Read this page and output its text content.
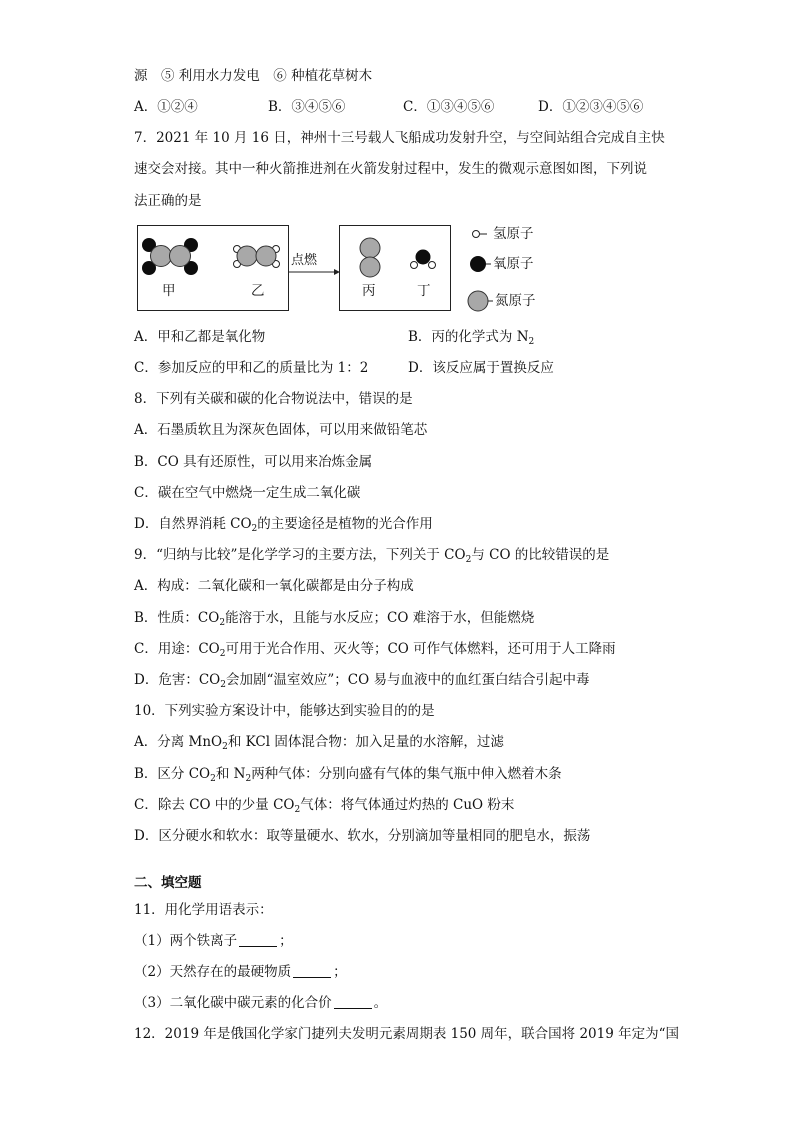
源　⑤ 利用水力发电　⑥ 种植花草树木
A．①②④	B．③④⑤⑥	C．①③④⑤⑥	D．①②③④⑤⑥
7．2021 年 10 月 16 日，神州十三号载人飞船成功发射升空，与空间站组合完成自主快
速交会对接。其中一种火箭推进剂在火箭发射过程中，发生的微观示意图如图，下列说
法正确的是
甲	乙
点燃
丙	丁
氢原子
氧原子
氮原子
A．甲和乙都是氧化物	B．丙的化学式为 $N_2$
C．参加反应的甲和乙的质量比为 1：2	D．该反应属于置换反应
8．下列有关碳和碳的化合物说法中，错误的是
A．石墨质软且为深灰色固体，可以用来做铅笔芯
B．CO 具有还原性，可以用来冶炼金属
C．碳在空气中燃烧一定生成二氧化碳
D．自然界消耗 $CO_2$的主要途径是植物的光合作用
9．“归纳与比较”是化学学习的主要方法，下列关于 $CO_2$与 CO 的比较错误的是
A．构成：二氧化碳和一氧化碳都是由分子构成
B．性质：$CO_2$能溶于水，且能与水反应；CO 难溶于水，但能燃烧
C．用途：$CO_2$可用于光合作用、灭火等；CO 可作气体燃料，还可用于人工降雨
D．危害：$CO_2$会加剧“温室效应”；CO 易与血液中的血红蛋白结合引起中毒
10．下列实验方案设计中，能够达到实验目的的是
A．分离 MnO$_2$和 KCl 固体混合物：加入足量的水溶解，过滤
B．区分 $CO_2$和 $N_2$两种气体：分别向盛有气体的集气瓶中伸入燃着木条
C．除去 CO 中的少量 $CO_2$气体：将气体通过灼热的 CuO 粉末
D．区分硬水和软水：取等量硬水、软水，分别滴加等量相同的肥皂水，振荡
二、填空题
11．用化学用语表示：
（1）两个铁离子	；
（2）天然存在的最硬物质	；
（3）二氧化碳中碳元素的化合价	。
12．2019 年是俄国化学家门捷列夫发明元素周期表 150 周年，联合国将 2019 年定为“国
